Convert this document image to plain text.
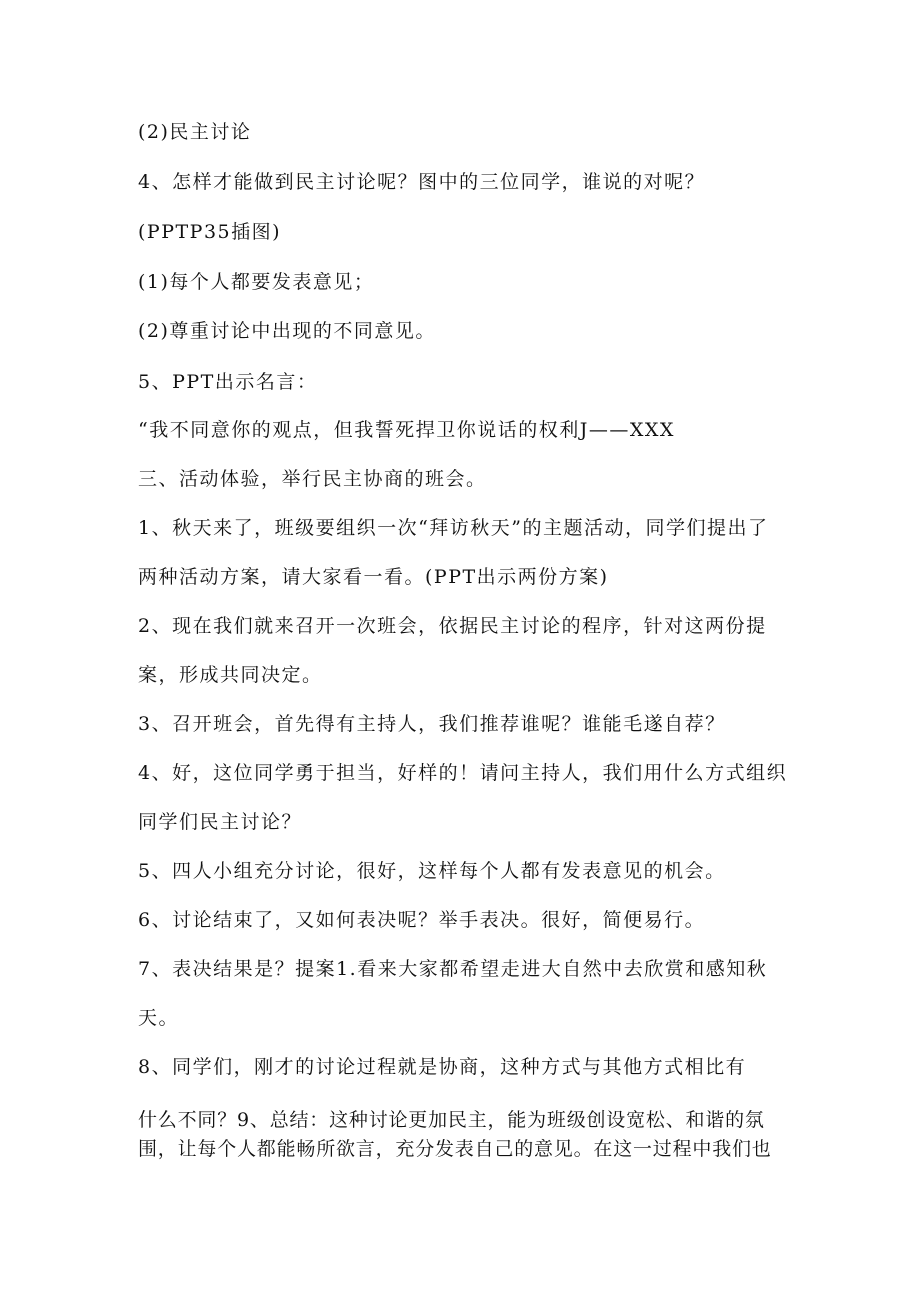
(2)民主讨论
4、怎样才能做到民主讨论呢？图中的三位同学，谁说的对呢？
(PPTP35插图)
(1)每个人都要发表意见；
(2)尊重讨论中出现的不同意见。
5、PPT出示名言：
“我不同意你的观点，但我誓死捍卫你说话的权利J——XXX
三、活动体验，举行民主协商的班会。
1、秋天来了，班级要组织一次“拜访秋天”的主题活动，同学们提出了
两种活动方案，请大家看一看。(PPT出示两份方案)
2、现在我们就来召开一次班会，依据民主讨论的程序，针对这两份提
案，形成共同决定。
3、召开班会，首先得有主持人，我们推荐谁呢？谁能毛遂自荐？
4、好，这位同学勇于担当，好样的！请问主持人，我们用什么方式组织
同学们民主讨论？
5、四人小组充分讨论，很好，这样每个人都有发表意见的机会。
6、讨论结束了，又如何表决呢？举手表决。很好，简便易行。
7、表决结果是？提案1.看来大家都希望走进大自然中去欣赏和感知秋
天。
8、同学们，刚才的讨论过程就是协商，这种方式与其他方式相比有
什么不同？9、总结：这种讨论更加民主，能为班级创设宽松、和谐的氛
围，让每个人都能畅所欲言，充分发表自己的意见。在这一过程中我们也
